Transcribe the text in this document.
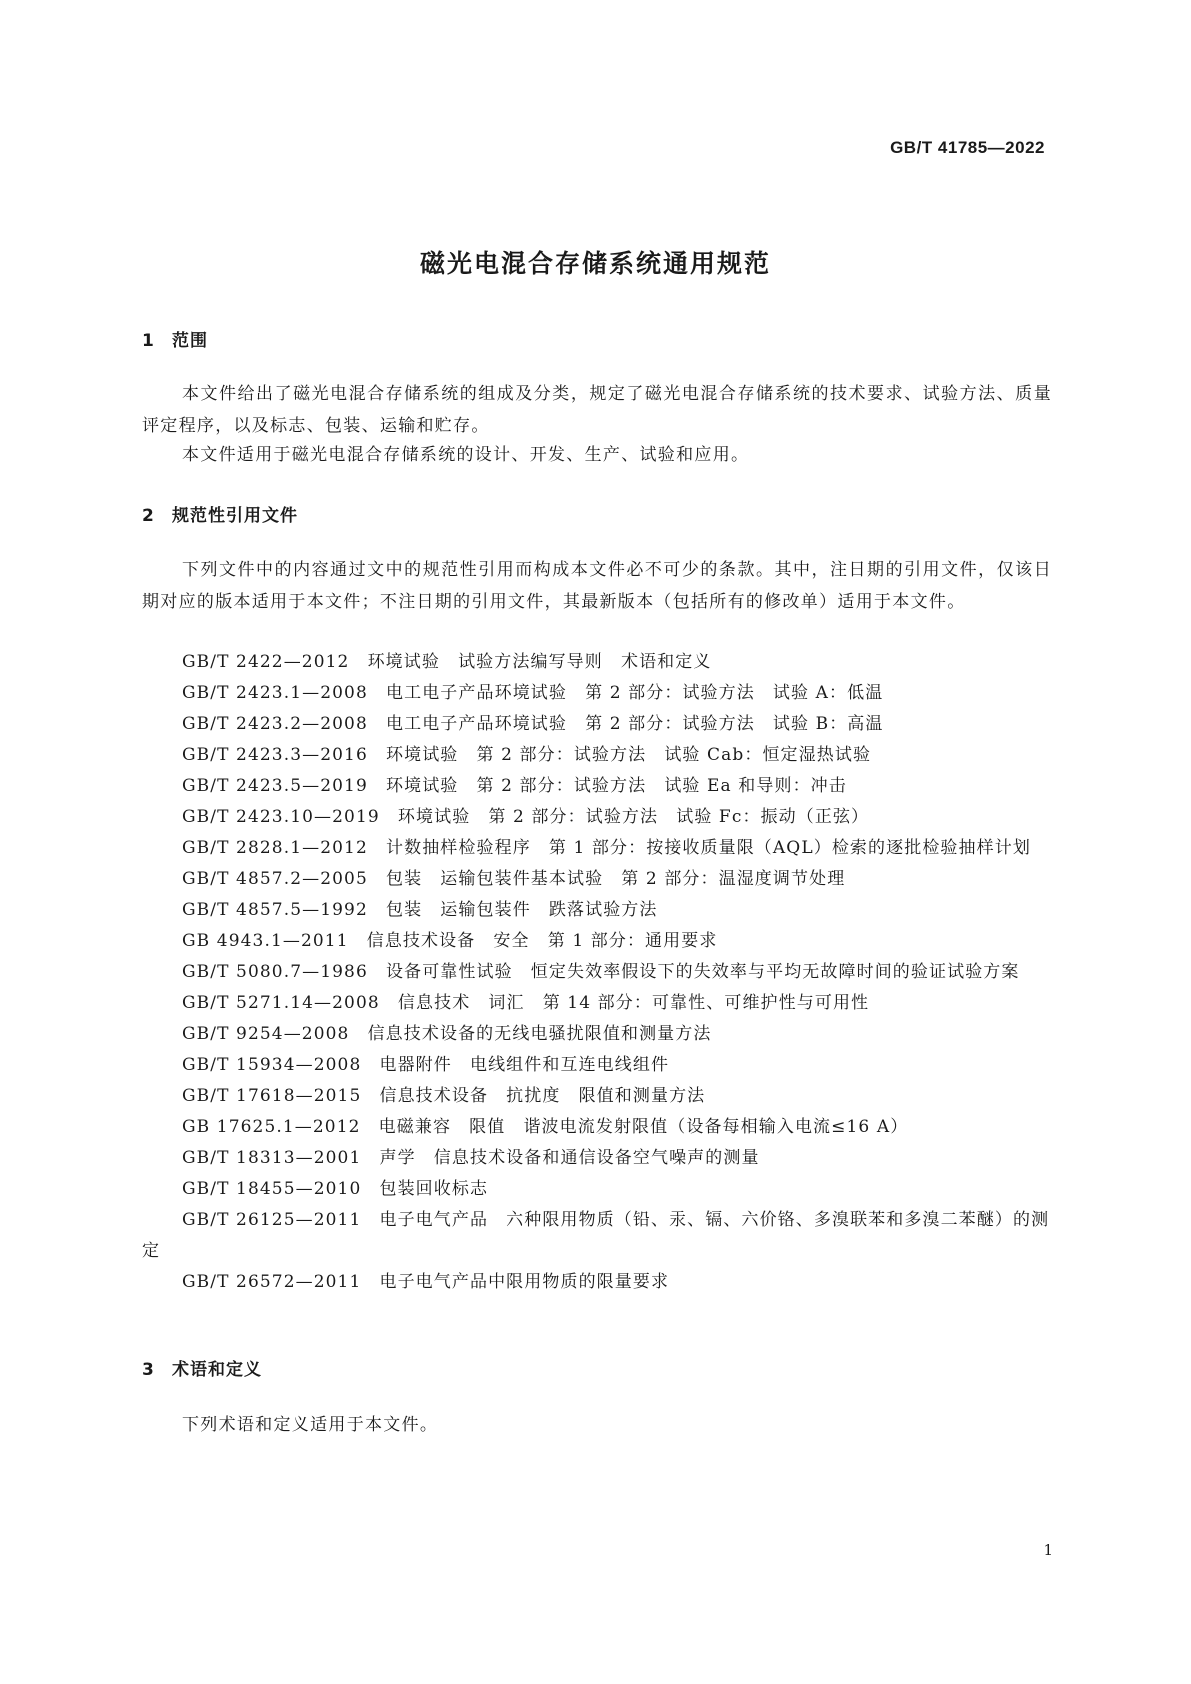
GB/T 41785—2022
磁光电混合存储系统通用规范
1 范围
本文件给出了磁光电混合存储系统的组成及分类，规定了磁光电混合存储系统的技术要求、试验方法、质量评定程序，以及标志、包装、运输和贮存。
本文件适用于磁光电混合存储系统的设计、开发、生产、试验和应用。
2 规范性引用文件
下列文件中的内容通过文中的规范性引用而构成本文件必不可少的条款。其中，注日期的引用文件，仅该日期对应的版本适用于本文件；不注日期的引用文件，其最新版本（包括所有的修改单）适用于本文件。
GB/T 2422—2012　环境试验　试验方法编写导则　术语和定义
GB/T 2423.1—2008　电工电子产品环境试验　第 2 部分：试验方法　试验 A：低温
GB/T 2423.2—2008　电工电子产品环境试验　第 2 部分：试验方法　试验 B：高温
GB/T 2423.3—2016　环境试验　第 2 部分：试验方法　试验 Cab：恒定湿热试验
GB/T 2423.5—2019　环境试验　第 2 部分：试验方法　试验 Ea 和导则：冲击
GB/T 2423.10—2019　环境试验　第 2 部分：试验方法　试验 Fc：振动（正弦）
GB/T 2828.1—2012　计数抽样检验程序　第 1 部分：按接收质量限（AQL）检索的逐批检验抽样计划
GB/T 4857.2—2005　包装　运输包装件基本试验　第 2 部分：温湿度调节处理
GB/T 4857.5—1992　包装　运输包装件　跌落试验方法
GB 4943.1—2011　信息技术设备　安全　第 1 部分：通用要求
GB/T 5080.7—1986　设备可靠性试验　恒定失效率假设下的失效率与平均无故障时间的验证试验方案
GB/T 5271.14—2008　信息技术　词汇　第 14 部分：可靠性、可维护性与可用性
GB/T 9254—2008　信息技术设备的无线电骚扰限值和测量方法
GB/T 15934—2008　电器附件　电线组件和互连电线组件
GB/T 17618—2015　信息技术设备　抗扰度　限值和测量方法
GB 17625.1—2012　电磁兼容　限值　谐波电流发射限值（设备每相输入电流≤16 A）
GB/T 18313—2001　声学　信息技术设备和通信设备空气噪声的测量
GB/T 18455—2010　包装回收标志
GB/T 26125—2011　电子电气产品　六种限用物质（铅、汞、镉、六价铬、多溴联苯和多溴二苯醚）的测定
GB/T 26572—2011　电子电气产品中限用物质的限量要求
3 术语和定义
下列术语和定义适用于本文件。
1
